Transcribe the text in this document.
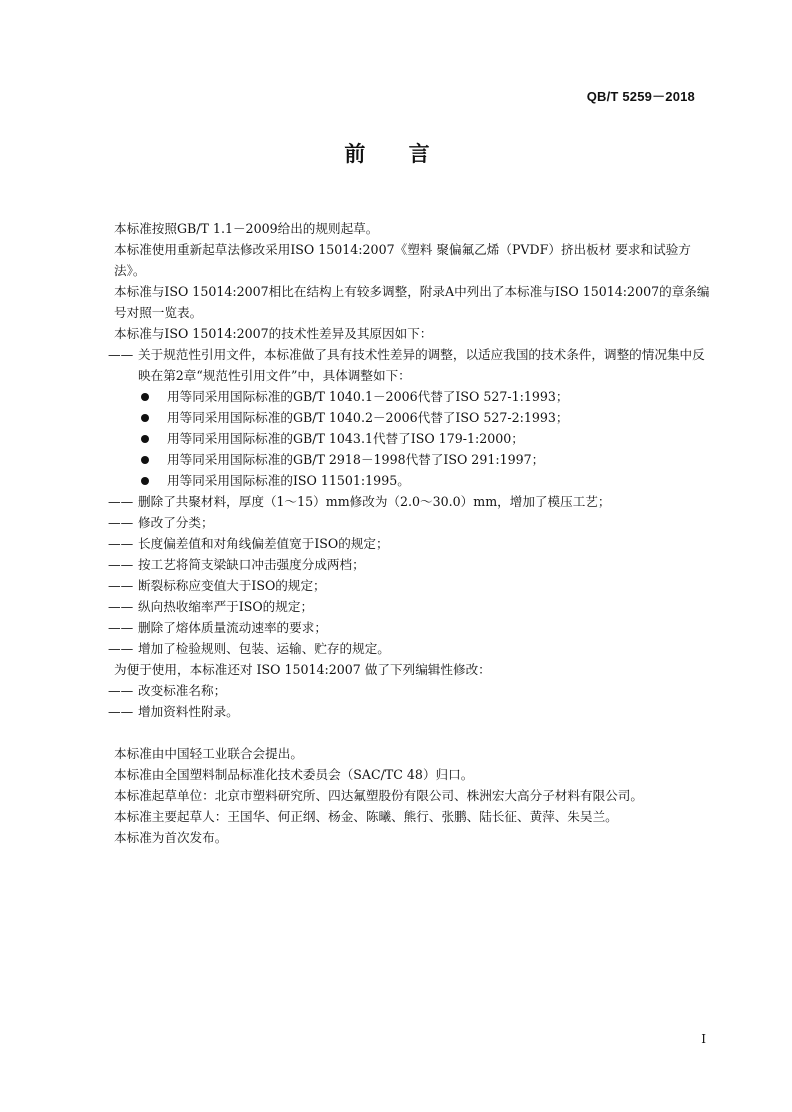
QB/T 5259－2018
前 言

本标准按照GB/T 1.1－2009给出的规则起草。

本标准使用重新起草法修改采用ISO 15014:2007《塑料 聚偏氟乙烯（PVDF）挤出板材 要求和试验方法》。

本标准与ISO 15014:2007相比在结构上有较多调整，附录A中列出了本标准与ISO 15014:2007的章条编号对照一览表。

本标准与ISO 15014:2007的技术性差异及其原因如下：

—— 关于规范性引用文件，本标准做了具有技术性差异的调整，以适应我国的技术条件，调整的情况集中反映在第2章“规范性引用文件”中，具体调整如下：
用等同采用国际标准的GB/T 1040.1－2006代替了ISO 527-1:1993；
用等同采用国际标准的GB/T 1040.2－2006代替了ISO 527-2:1993；
用等同采用国际标准的GB/T 1043.1代替了ISO 179-1:2000；
用等同采用国际标准的GB/T 2918－1998代替了ISO 291:1997；
用等同采用国际标准的ISO 11501:1995。
—— 删除了共聚材料，厚度（1～15）mm修改为（2.0～30.0）mm，增加了模压工艺；
—— 修改了分类；
—— 长度偏差值和对角线偏差值宽于ISO的规定；
—— 按工艺将简支梁缺口冲击强度分成两档；
—— 断裂标称应变值大于ISO的规定；
—— 纵向热收缩率严于ISO的规定；
—— 删除了熔体质量流动速率的要求；
—— 增加了检验规则、包装、运输、贮存的规定。

为便于使用，本标准还对 ISO 15014:2007 做了下列编辑性修改：

—— 改变标准名称；
—— 增加资料性附录。

本标准由中国轻工业联合会提出。

本标准由全国塑料制品标准化技术委员会（SAC/TC 48）归口。

本标准起草单位：北京市塑料研究所、四达氟塑股份有限公司、株洲宏大高分子材料有限公司。

本标准主要起草人：王国华、何正纲、杨金、陈曦、熊行、张鹏、陆长征、黄萍、朱吴兰。

本标准为首次发布。

I
